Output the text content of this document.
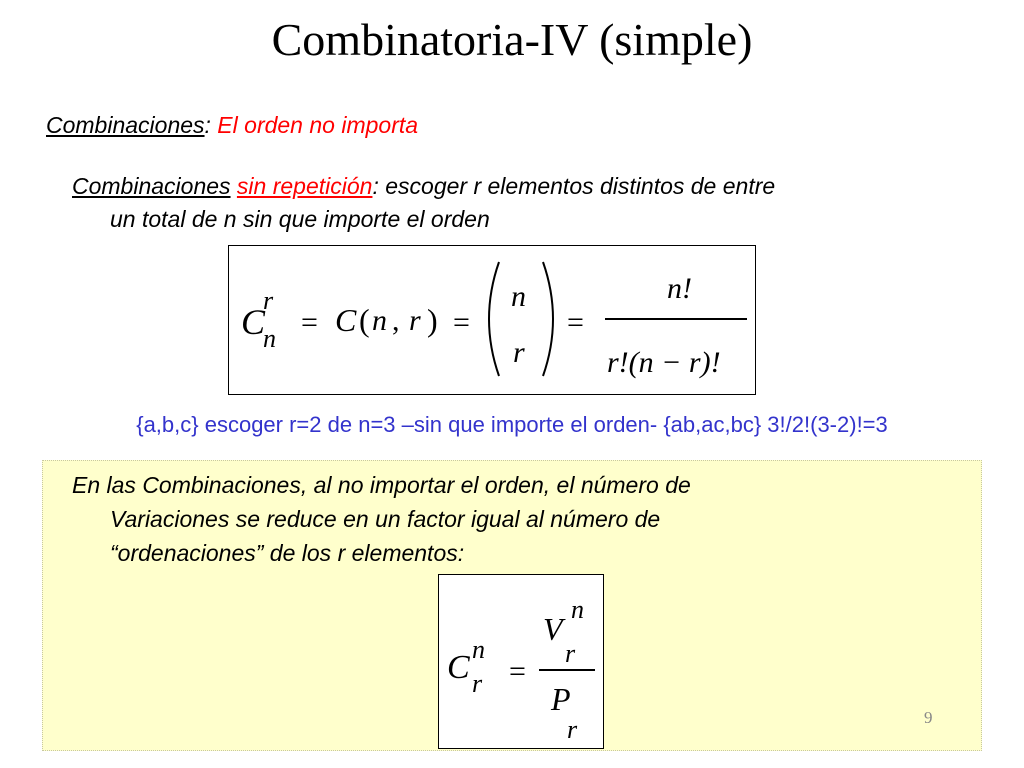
Combinatoria-IV (simple)
Combinaciones: El orden no importa
Combinaciones sin repetición: escoger r elementos distintos de entre
un total de n sin que importe el orden
C
r
n = C ( n , r ) =
n
r
=
n!
r!(n − r)!
{a,b,c} escoger r=2 de n=3 –sin que importe el orden- {ab,ac,bc} 3!/2!(3-2)!=3
En las Combinaciones, al no importar el orden, el número de
Variaciones se reduce en un factor igual al número de
“ordenaciones” de los r elementos:
C n
r =
V
n
r
P
r	9
